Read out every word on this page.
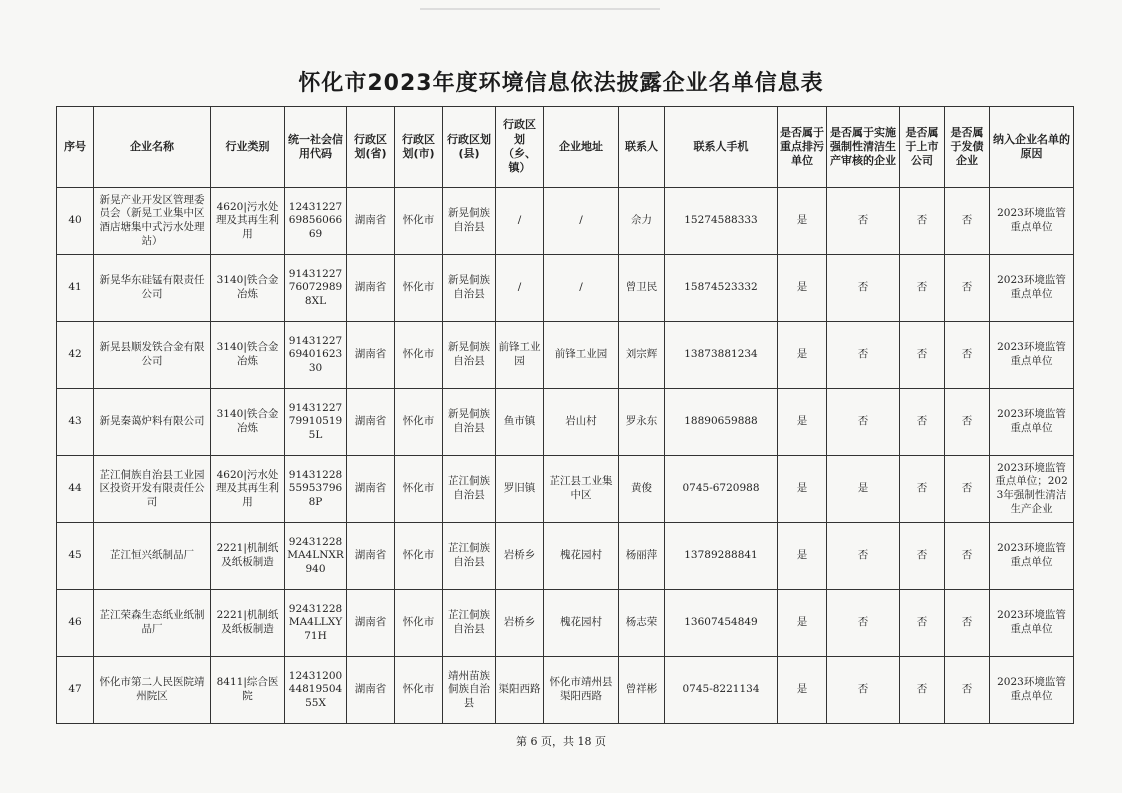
怀化市2023年度环境信息依法披露企业名单信息表
序号	企业名称	行业类别	统一社会信用代码	行政区划(省)	行政区划(市)	行政区划(县)	行政区划（乡、镇）	企业地址	联系人	联系人手机	是否属于重点排污单位	是否属于实施强制性清洁生产审核的企业	是否属于上市公司	是否属于发债企业	纳入企业名单的原因
40	新晃产业开发区管理委员会（新晃工业集中区酒店塘集中式污水处理站）	4620|污水处理及其再生利用	124312276985606669	湖南省	怀化市	新晃侗族自治县	/	/	佘力	15274588333	是	否	否	否	2023环境监管重点单位
41	新晃华东硅锰有限责任公司	3140|铁合金冶炼	91431227760729898XL	湖南省	怀化市	新晃侗族自治县	/	/	曾卫民	15874523332	是	否	否	否	2023环境监管重点单位
42	新晃县顺发铁合金有限公司	3140|铁合金冶炼	914312276940162330	湖南省	怀化市	新晃侗族自治县	前锋工业园	前锋工业园	刘宗辉	13873881234	是	否	否	否	2023环境监管重点单位
43	新晃秦蔼炉料有限公司	3140|铁合金冶炼	91431227799105195L	湖南省	怀化市	新晃侗族自治县	鱼市镇	岩山村	罗永东	18890659888	是	否	否	否	2023环境监管重点单位
44	芷江侗族自治县工业园区投资开发有限责任公司	4620|污水处理及其再生利用	91431228559537968P	湖南省	怀化市	芷江侗族自治县	罗旧镇	芷江县工业集中区	黄俊	0745-6720988	是	是	否	否	2023环境监管重点单位；2023年强制性清洁生产企业
45	芷江恒兴纸制品厂	2221|机制纸及纸板制造	92431228MA4LNXR940	湖南省	怀化市	芷江侗族自治县	岩桥乡	槐花园村	杨丽萍	13789288841	是	否	否	否	2023环境监管重点单位
46	芷江荣森生态纸业纸制品厂	2221|机制纸及纸板制造	92431228MA4LLXY71H	湖南省	怀化市	芷江侗族自治县	岩桥乡	槐花园村	杨志荣	13607454849	是	否	否	否	2023环境监管重点单位
47	怀化市第二人民医院靖州院区	8411|综合医院	124312004481950455X	湖南省	怀化市	靖州苗族侗族自治县	渠阳西路	怀化市靖州县渠阳西路	曾祥彬	0745-8221134	是	否	否	否	2023环境监管重点单位
第 6 页，共 18 页
